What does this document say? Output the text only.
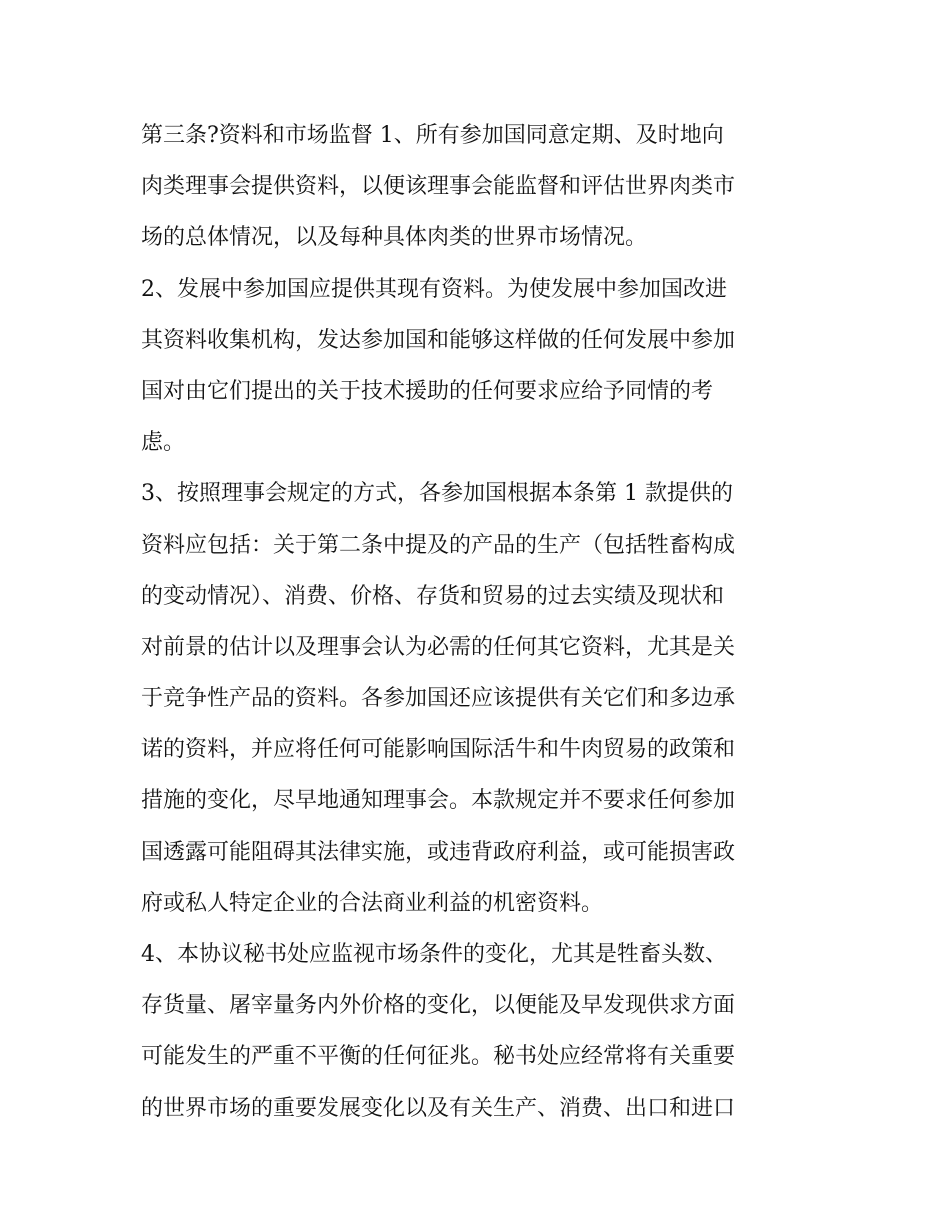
第三条?资料和市场监督 1、所有参加国同意定期、及时地向
肉类理事会提供资料，以便该理事会能监督和评估世界肉类市
场的总体情况，以及每种具体肉类的世界市场情况。
2、发展中参加国应提供其现有资料。为使发展中参加国改进
其资料收集机构，发达参加国和能够这样做的任何发展中参加
国对由它们提出的关于技术援助的任何要求应给予同情的考
虑。
3、按照理事会规定的方式，各参加国根据本条第 1 款提供的
资料应包括：关于第二条中提及的产品的生产（包括牲畜构成
的变动情况）、消费、价格、存货和贸易的过去实绩及现状和
对前景的估计以及理事会认为必需的任何其它资料，尤其是关
于竞争性产品的资料。各参加国还应该提供有关它们和多边承
诺的资料，并应将任何可能影响国际活牛和牛肉贸易的政策和
措施的变化，尽早地通知理事会。本款规定并不要求任何参加
国透露可能阻碍其法律实施，或违背政府利益，或可能损害政
府或私人特定企业的合法商业利益的机密资料。
4、本协议秘书处应监视市场条件的变化，尤其是牲畜头数、
存货量、屠宰量务内外价格的变化，以便能及早发现供求方面
可能发生的严重不平衡的任何征兆。秘书处应经常将有关重要
的世界市场的重要发展变化以及有关生产、消费、出口和进口
